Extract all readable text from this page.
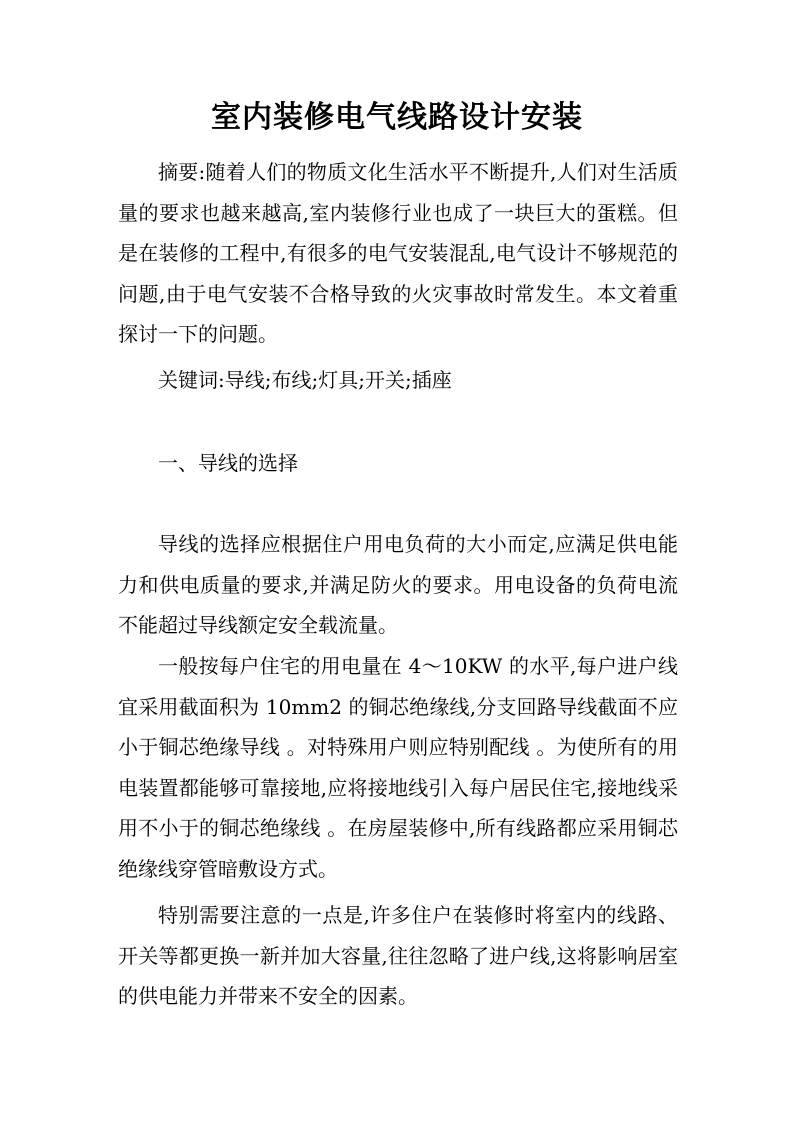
室内装修电气线路设计安装

摘要:随着人们的物质文化生活水平不断提升,人们对生活质量的要求也越来越高,室内装修行业也成了一块巨大的蛋糕。但是在装修的工程中,有很多的电气安装混乱,电气设计不够规范的问题,由于电气安装不合格导致的火灾事故时常发生。本文着重探讨一下的问题。

关键词:导线;布线;灯具;开关;插座

一、导线的选择

导线的选择应根据住户用电负荷的大小而定,应满足供电能力和供电质量的要求,并满足防火的要求。用电设备的负荷电流不能超过导线额定安全载流量。

一般按每户住宅的用电量在 4～10KW 的水平,每户进户线宜采用截面积为 10mm2 的铜芯绝缘线,分支回路导线截面不应小于铜芯绝缘导线 。对特殊用户则应特别配线 。为使所有的用电装置都能够可靠接地,应将接地线引入每户居民住宅,接地线采用不小于的铜芯绝缘线 。在房屋装修中,所有线路都应采用铜芯绝缘线穿管暗敷设方式。

特别需要注意的一点是,许多住户在装修时将室内的线路、开关等都更换一新并加大容量,往往忽略了进户线,这将影响居室的供电能力并带来不安全的因素。
